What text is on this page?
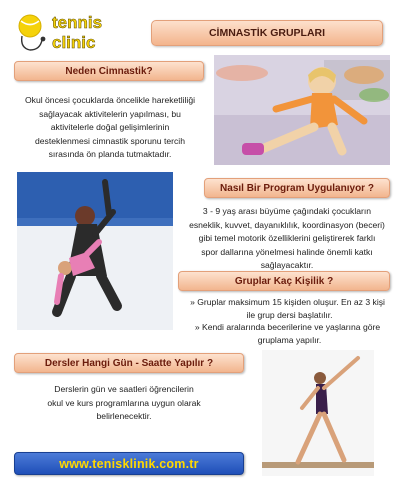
tennis
clinic	CİMNASTİK GRUPLARI
Neden Cimnastik?
Okul öncesi çocuklarda öncelikle hareketliliği
sağlayacak aktivitelerin yapılması, bu
aktivitelerle doğal gelişimlerinin
desteklenmesi cimnastik sporunu tercih
sırasında ön planda tutmaktadır.
Nasıl Bir Program Uygulanıyor ?
3 - 9 yaş arası büyüme çağındaki çocukların
esneklik, kuvvet, dayanıklılık, koordinasyon (beceri)
gibi temel motorik özelliklerini geliştirerek farklı
spor dallarına yönelmesi halinde önemli katkı
sağlayacaktır.
Gruplar Kaç Kişilik ?
» Gruplar maksimum 15 kişiden oluşur. En az 3 kişi
ile grup dersi başlatılır.
» Kendi aralarında becerilerine ve yaşlarına göre
gruplama yapılır.
Dersler Hangi Gün - Saatte Yapılır ?
Derslerin gün ve saatleri öğrencilerin
okul ve kurs programlarına uygun olarak
belirlenecektir.
www.tenisklinik.com.tr
